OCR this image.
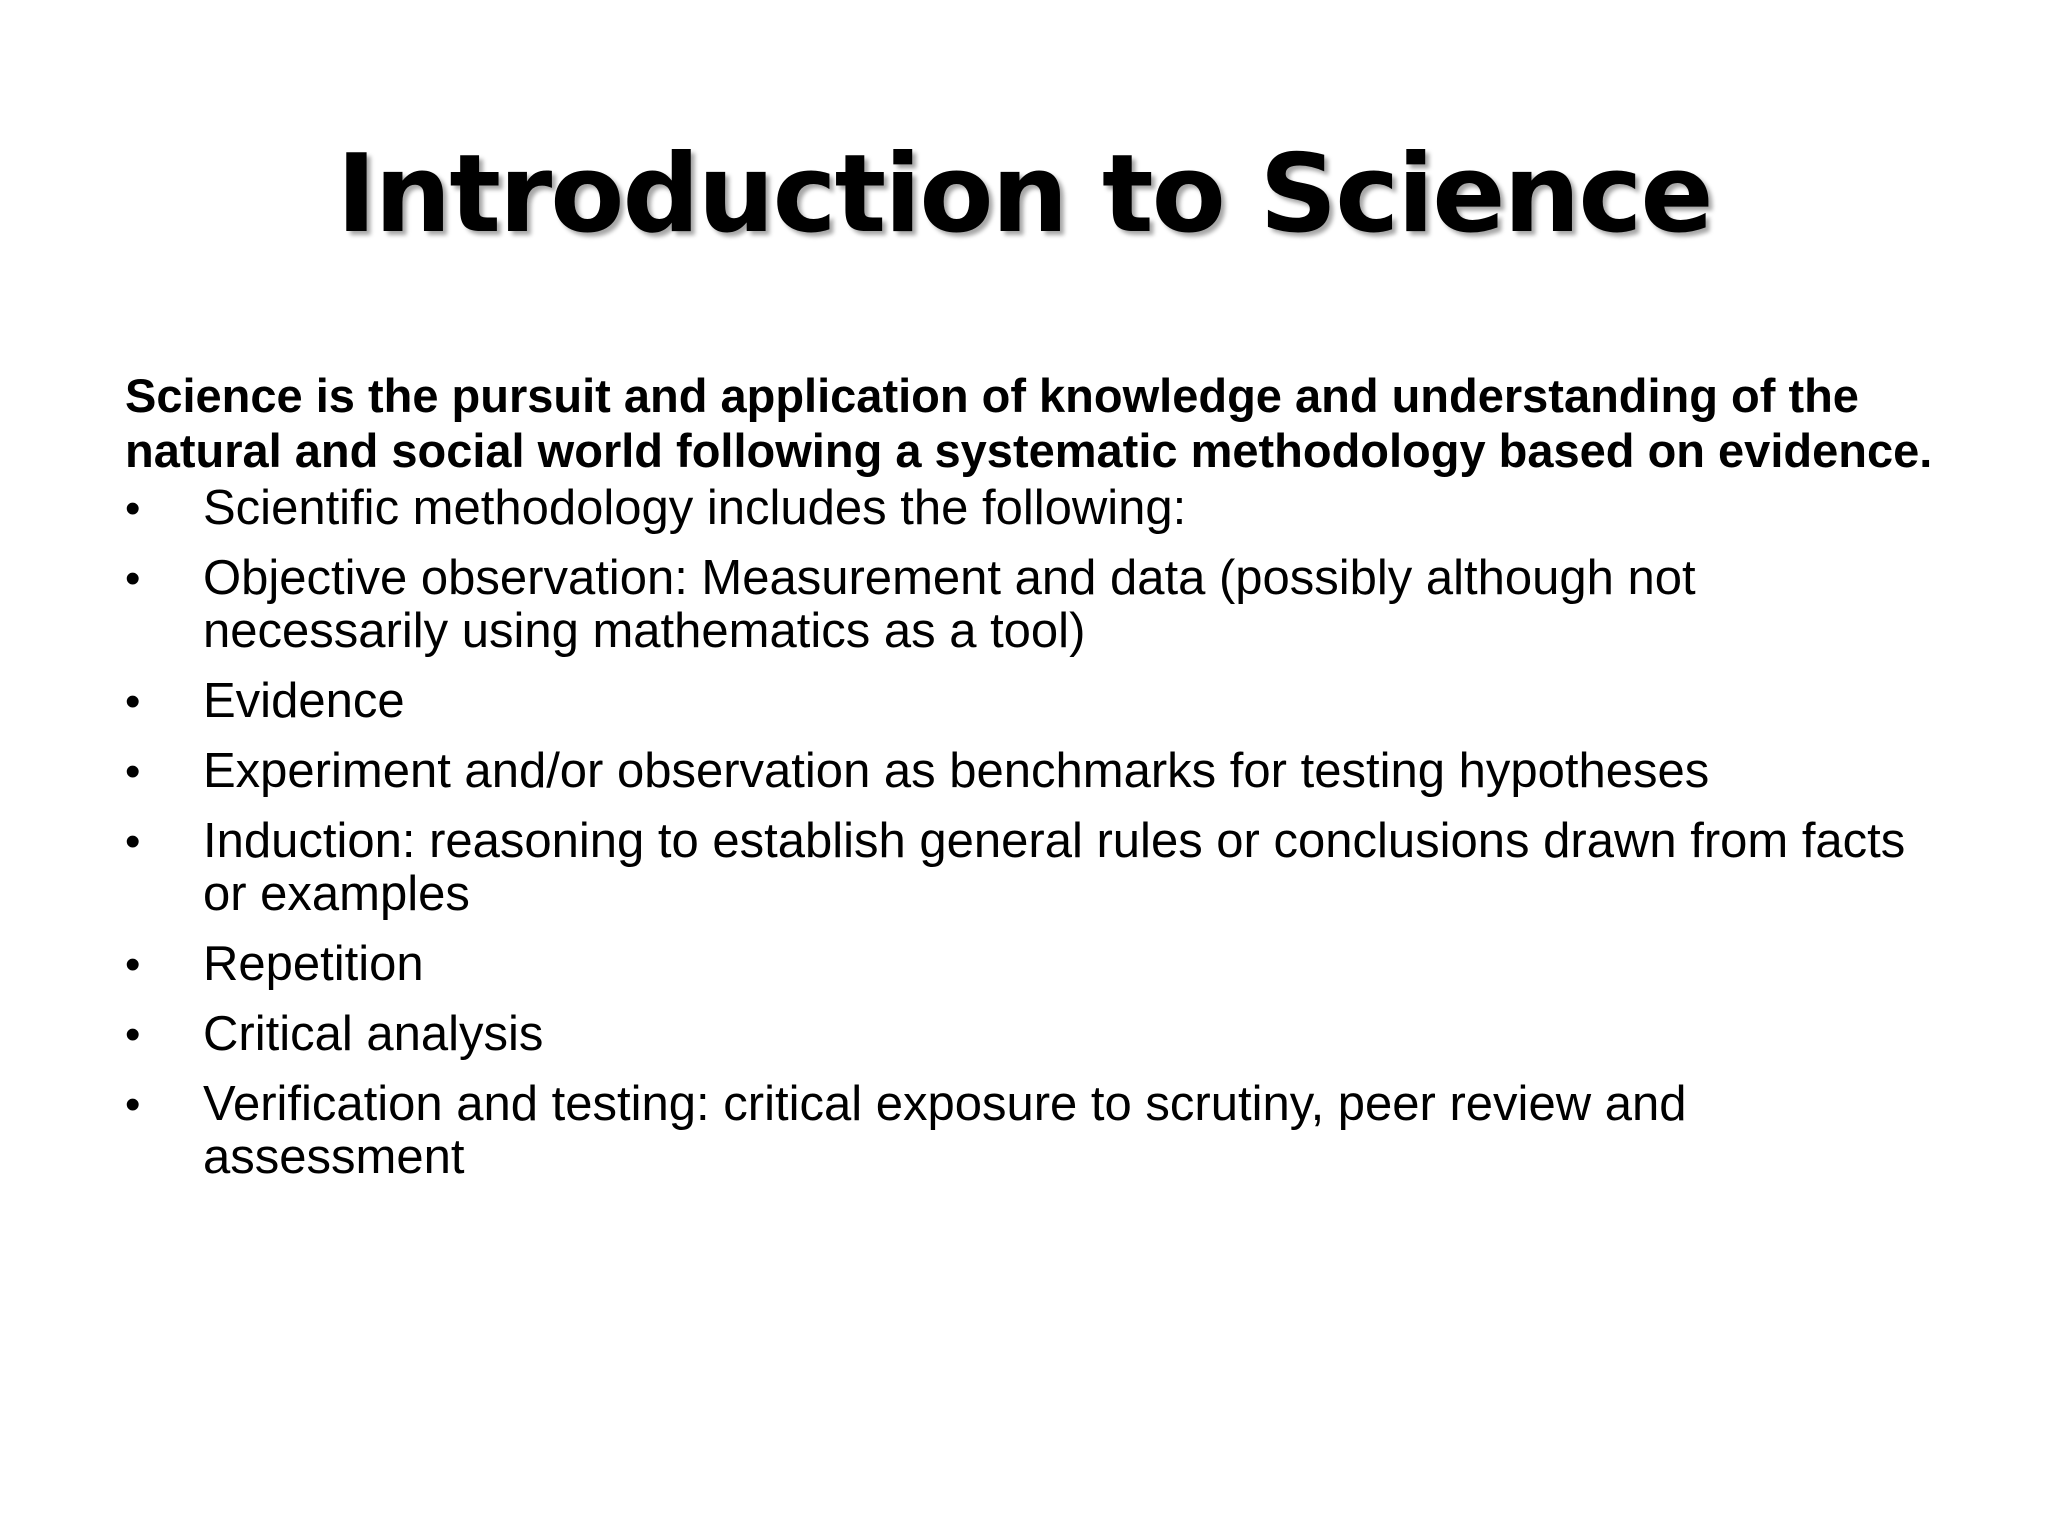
Introduction to Science

Science is the pursuit and application of knowledge and understanding of the natural and social world following a systematic methodology based on evidence.

•	Scientific methodology includes the following:
•	Objective observation: Measurement and data (possibly although not necessarily using mathematics as a tool)
•	Evidence
•	Experiment and/or observation as benchmarks for testing hypotheses
•	Induction: reasoning to establish general rules or conclusions drawn from facts or examples
•	Repetition
•	Critical analysis
•	Verification and testing: critical exposure to scrutiny, peer review and assessment
